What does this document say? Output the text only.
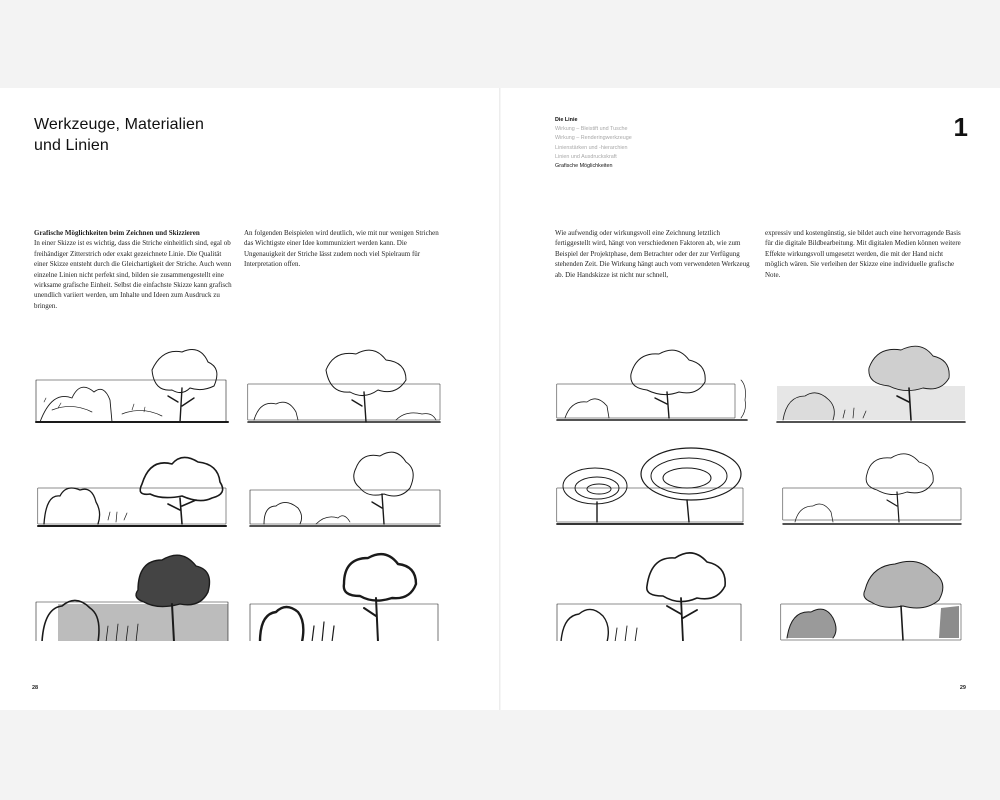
Werkzeuge, Materialien
und Linien
Grafische Möglichkeiten beim Zeichnen und Skizzieren

In einer Skizze ist es wichtig, dass die Striche einheitlich sind, egal ob freihändiger Zitterstrich oder exakt gezeichnete Linie. Die Qualität einer Skizze entsteht durch die Gleichartigkeit der Striche. Auch wenn einzelne Linien nicht perfekt sind, bilden sie zusammengestellt eine wirksame grafische Einheit. Selbst die einfachste Skizze kann grafisch unendlich variiert werden, um Inhalte und Ideen zum Ausdruck zu bringen.

An folgenden Beispielen wird deutlich, wie mit nur wenigen Strichen das Wichtigste einer Idee kommuniziert werden kann. Die Ungenauigkeit der Striche lässt zudem noch viel Spielraum für Interpretation offen.

28
Die Linie
Wirkung – Bleistift und Tusche
Wirkung – Renderingwerkzeuge
Linienstärken und -hierarchien
Linien und Ausdruckskraft
Grafische Möglichkeiten
1

Wie aufwendig oder wirkungsvoll eine Zeichnung letztlich fertiggestellt wird, hängt von verschiedenen Faktoren ab, wie zum Beispiel der Projektphase, dem Betrachter oder der zur Verfügung stehenden Zeit. Die Wirkung hängt auch vom verwendeten Werkzeug ab. Die Handskizze ist nicht nur schnell,

expressiv und kostengünstig, sie bildet auch eine hervorragende Basis für die digitale Bildbearbeitung. Mit digitalen Medien können weitere Effekte wirkungsvoll umgesetzt werden, die mit der Hand nicht möglich wären. Sie verleihen der Skizze eine individuelle grafische Note.

29
